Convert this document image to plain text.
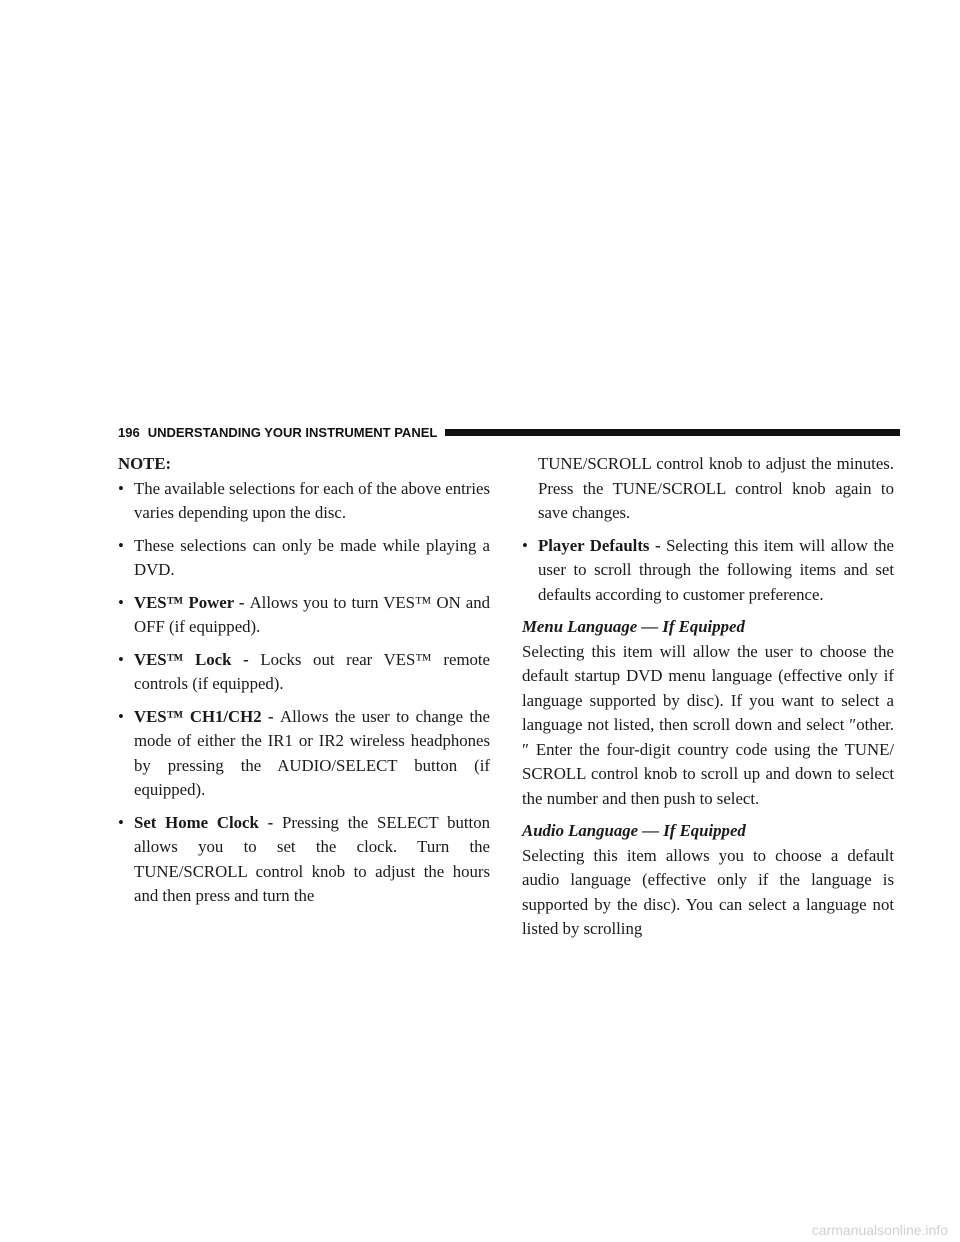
196 UNDERSTANDING YOUR INSTRUMENT PANEL

NOTE:

• The available selections for each of the above entries varies depending upon the disc.
• These selections can only be made while playing a DVD.
• VES™ Power - Allows you to turn VES™ ON and OFF (if equipped).
• VES™ Lock - Locks out rear VES™ remote controls (if equipped).
• VES™ CH1/CH2 - Allows the user to change the mode of either the IR1 or IR2 wireless headphones by pressing the AUDIO/SELECT button (if equipped).
• Set Home Clock - Pressing the SELECT button allows you to set the clock. Turn the TUNE/SCROLL control knob to adjust the hours and then press and turn the

TUNE/SCROLL control knob to adjust the minutes. Press the TUNE/SCROLL control knob again to save changes.

• Player Defaults - Selecting this item will allow the user to scroll through the following items and set defaults according to customer preference.

Menu Language — If Equipped

Selecting this item will allow the user to choose the default startup DVD menu language (effective only if language supported by disc). If you want to select a language not listed, then scroll down and select ″other.″ Enter the four-digit country code using the TUNE/ SCROLL control knob to scroll up and down to select the number and then push to select.

Audio Language — If Equipped

Selecting this item allows you to choose a default audio language (effective only if the language is supported by the disc). You can select a language not listed by scrolling

carmanualsonline.info
